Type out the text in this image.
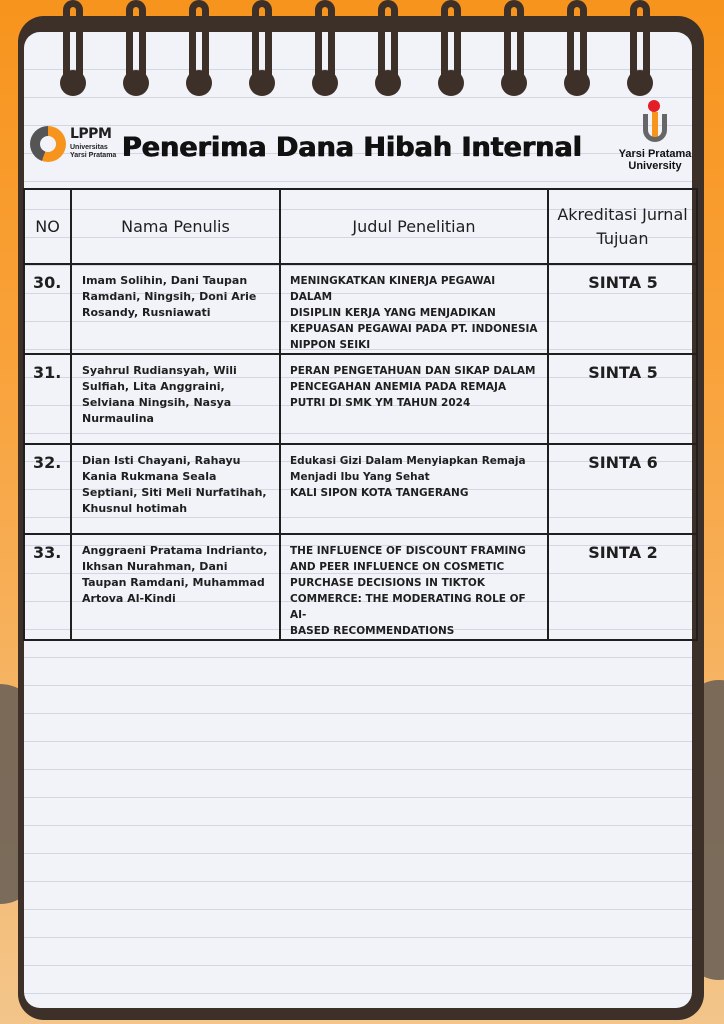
LPPM
Universitas Yarsi Pratama Penerima Dana Hibah Internal	Yarsi Pratama University
NO	Nama Penulis	Judul Penelitian	Akreditasi Jurnal Tujuan
30.	Imam Solihin, Dani Taupan Ramdani, Ningsih, Doni Arie Rosandy, Rusniawati	MENINGKATKAN KINERJA PEGAWAI DALAM
DISIPLIN KERJA YANG MENJADIKAN
KEPUASAN PEGAWAI PADA PT. INDONESIA
NIPPON SEIKI	SINTA 5
31.	Syahrul Rudiansyah, Wili Sulfiah, Lita Anggraini, Selviana Ningsih, Nasya Nurmaulina	PERAN PENGETAHUAN DAN SIKAP DALAM
PENCEGAHAN ANEMIA PADA REMAJA
PUTRI DI SMK YM TAHUN 2024	SINTA 5
32.	Dian Isti Chayani, Rahayu Kania Rukmana Seala Septiani, Siti Meli Nurfatihah, Khusnul hotimah	Edukasi Gizi Dalam Menyiapkan Remaja
Menjadi Ibu Yang Sehat
KALI SIPON KOTA TANGERANG	SINTA 6
33.	Anggraeni Pratama Indrianto, Ikhsan Nurahman, Dani Taupan Ramdani, Muhammad Artova Al-Kindi	THE INFLUENCE OF DISCOUNT FRAMING
AND PEER INFLUENCE ON COSMETIC
PURCHASE DECISIONS IN TIKTOK
COMMERCE: THE MODERATING ROLE OF AI-
BASED RECOMMENDATIONS	SINTA 2
